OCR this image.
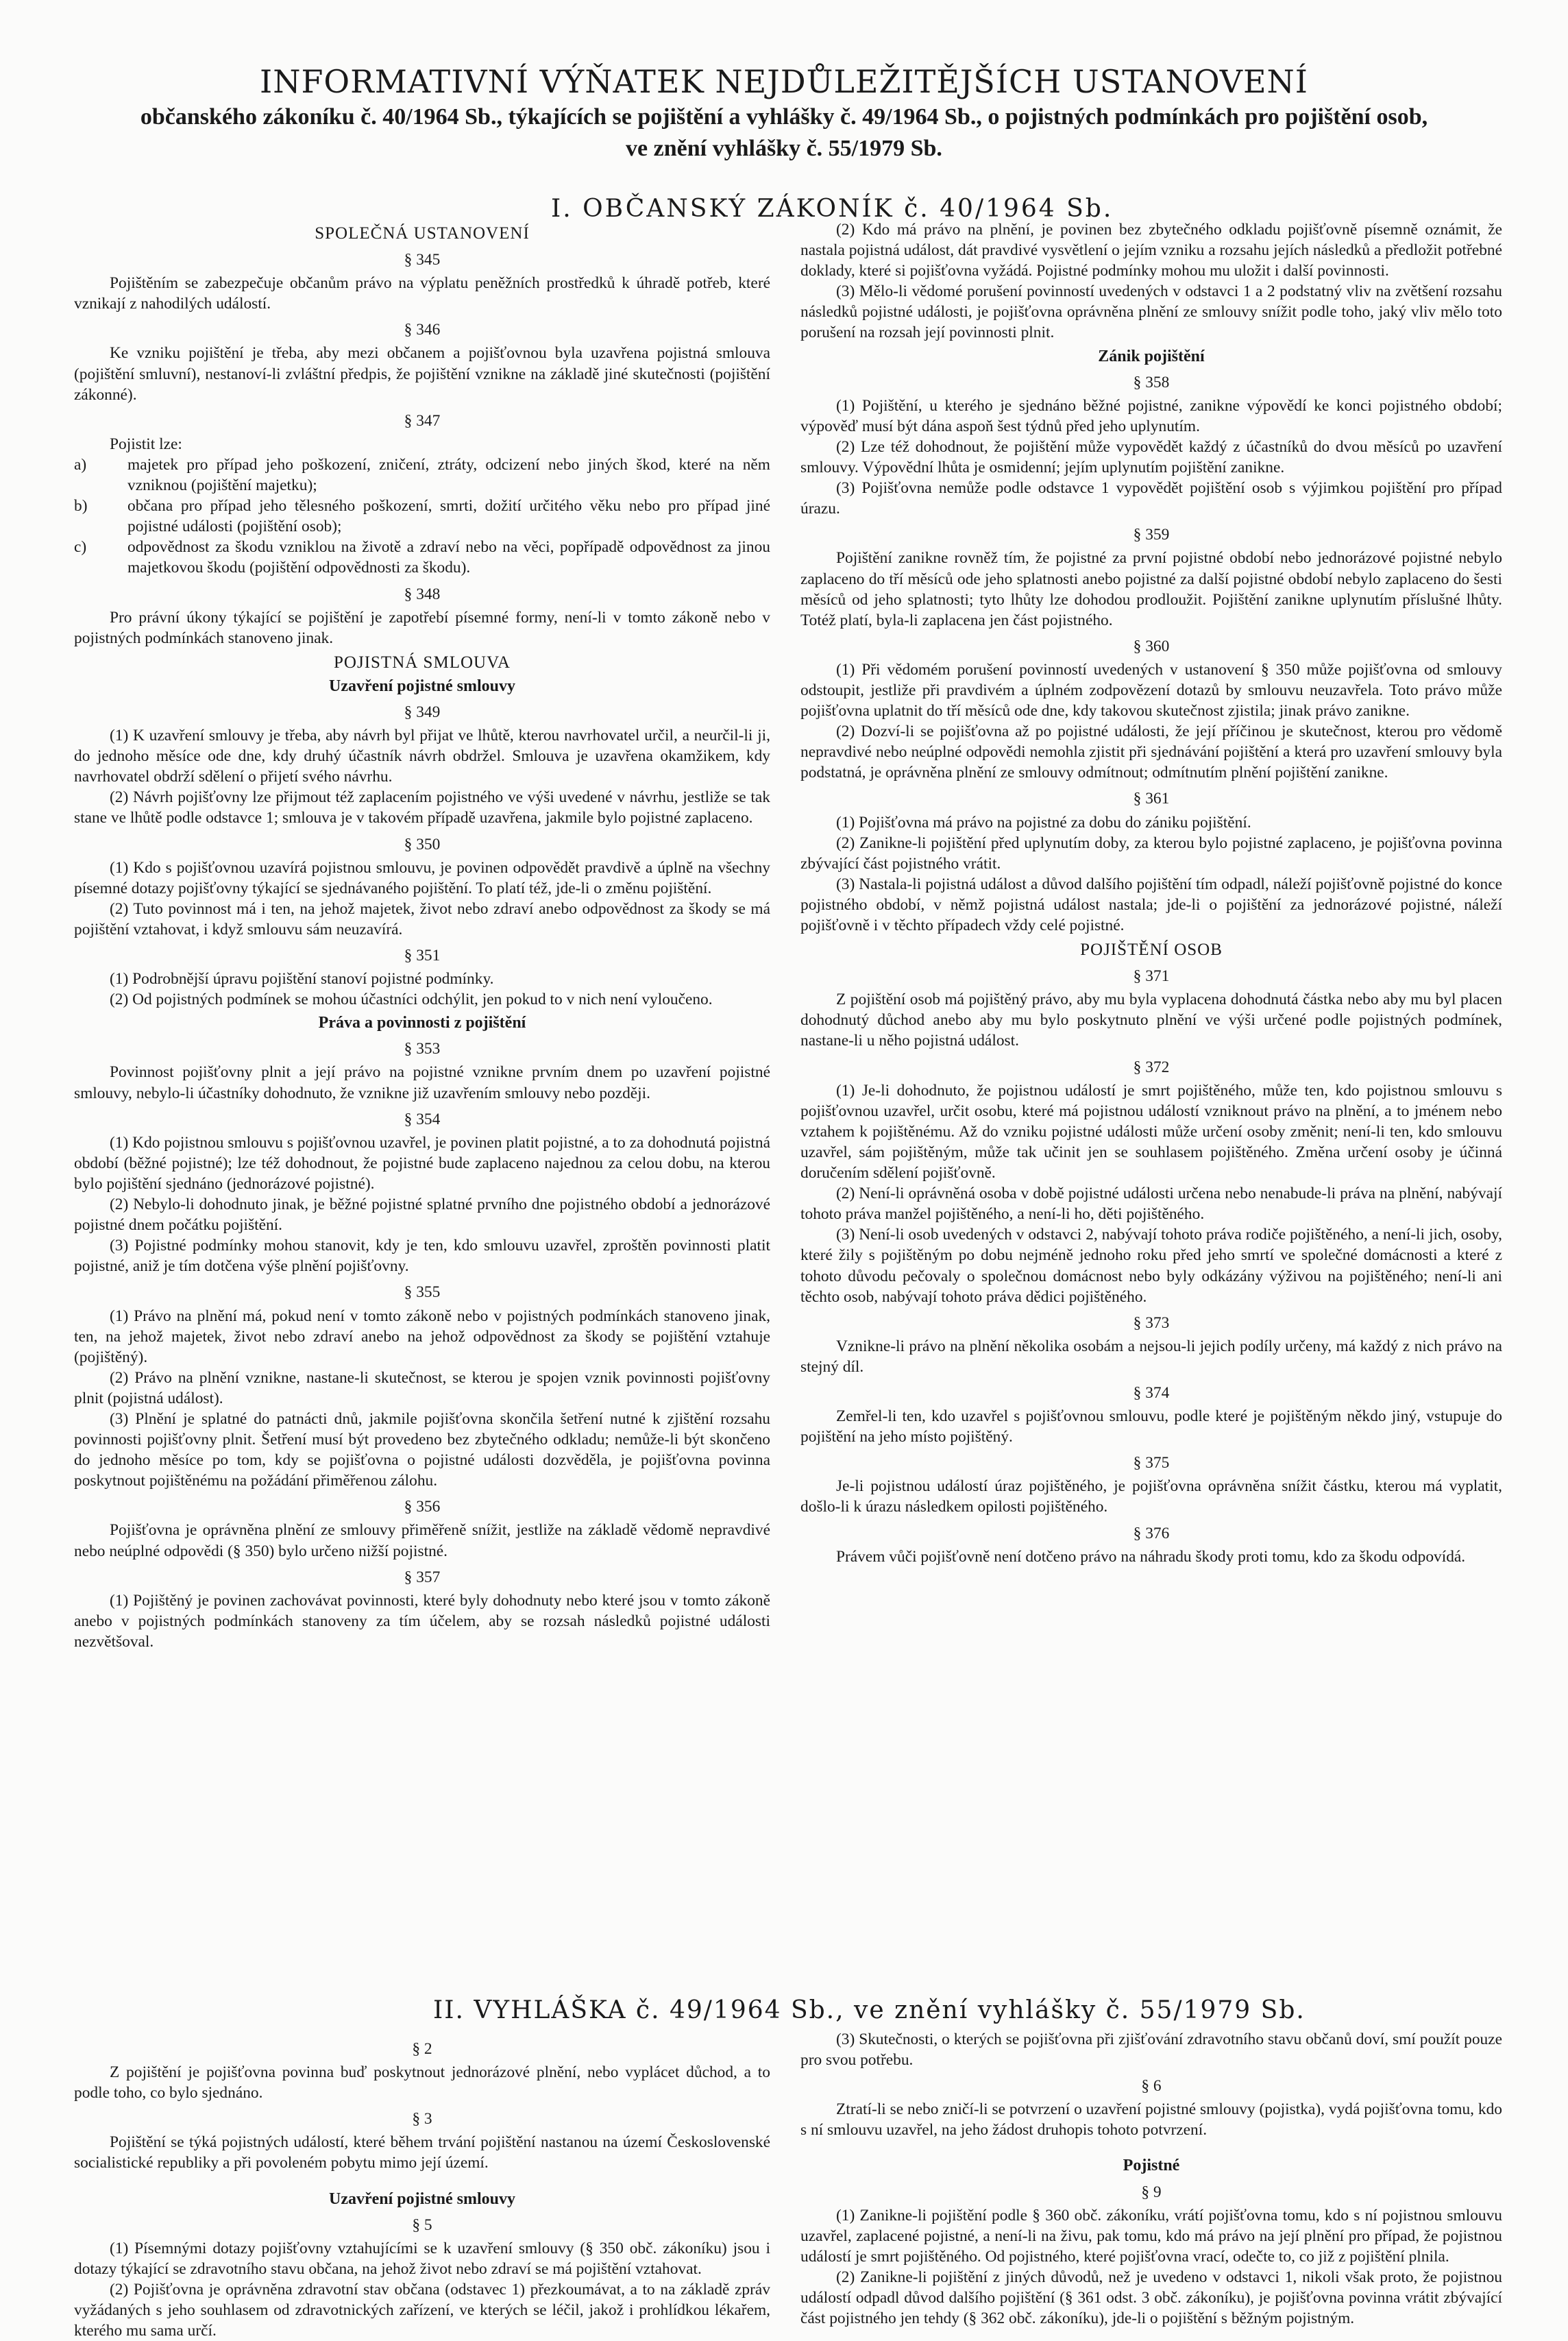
INFORMATIVNÍ VÝŇATEK NEJDŮLEŽITĚJŠÍCH USTANOVENÍ
občanského zákoníku č. 40/1964 Sb., týkajících se pojištění a vyhlášky č. 49/1964 Sb., o pojistných podmínkách pro pojištění osob,
ve znění vyhlášky č. 55/1979 Sb.
I. OBČANSKÝ ZÁKONÍK č. 40/1964 Sb.

SPOLEČNÁ USTANOVENÍ

§ 345

Pojištěním se zabezpečuje občanům právo na výplatu peněžních prostředků k úhradě potřeb, které vznikají z nahodilých událostí.

§ 346

Ke vzniku pojištění je třeba, aby mezi občanem a pojišťovnou byla uzavřena pojistná smlouva (pojištění smluvní), nestanoví-li zvláštní předpis, že pojištění vznikne na základě jiné skutečnosti (pojištění zákonné).

§ 347

Pojistit lze:

a)	majetek pro případ jeho poškození, zničení, ztráty, odcizení nebo jiných škod, které na něm vzniknou (pojištění majetku);

b)	občana pro případ jeho tělesného poškození, smrti, dožití určitého věku nebo pro případ jiné pojistné události (pojištění osob);

c)	odpovědnost za škodu vzniklou na životě a zdraví nebo na věci, popřípadě odpovědnost za jinou majetkovou škodu (pojištění odpovědnosti za škodu).

§ 348

Pro právní úkony týkající se pojištění je zapotřebí písemné formy, není-li v tomto zákoně nebo v pojistných podmínkách stanoveno jinak.

POJISTNÁ SMLOUVA

Uzavření pojistné smlouvy

§ 349

(1) K uzavření smlouvy je třeba, aby návrh byl přijat ve lhůtě, kterou navrhovatel určil, a neurčil-li ji, do jednoho měsíce ode dne, kdy druhý účastník návrh obdržel. Smlouva je uzavřena okamžikem, kdy navrhovatel obdrží sdělení o přijetí svého návrhu.

(2) Návrh pojišťovny lze přijmout též zaplacením pojistného ve výši uvedené v návrhu, jestliže se tak stane ve lhůtě podle odstavce 1; smlouva je v takovém případě uzavřena, jakmile bylo pojistné zaplaceno.

§ 350

(1) Kdo s pojišťovnou uzavírá pojistnou smlouvu, je povinen odpovědět pravdivě a úplně na všechny písemné dotazy pojišťovny týkající se sjednávaného pojištění. To platí též, jde-li o změnu pojištění.

(2) Tuto povinnost má i ten, na jehož majetek, život nebo zdraví anebo odpovědnost za škody se má pojištění vztahovat, i když smlouvu sám neuzavírá.

§ 351

(1) Podrobnější úpravu pojištění stanoví pojistné podmínky.

(2) Od pojistných podmínek se mohou účastníci odchýlit, jen pokud to v nich není vyloučeno.

Práva a povinnosti z pojištění

§ 353

Povinnost pojišťovny plnit a její právo na pojistné vznikne prvním dnem po uzavření pojistné smlouvy, nebylo-li účastníky dohodnuto, že vznikne již uzavřením smlouvy nebo později.

§ 354

(1) Kdo pojistnou smlouvu s pojišťovnou uzavřel, je povinen platit pojistné, a to za dohodnutá pojistná období (běžné pojistné); lze též dohodnout, že pojistné bude zaplaceno najednou za celou dobu, na kterou bylo pojištění sjednáno (jednorázové pojistné).

(2) Nebylo-li dohodnuto jinak, je běžné pojistné splatné prvního dne pojistného období a jednorázové pojistné dnem počátku pojištění.

(3) Pojistné podmínky mohou stanovit, kdy je ten, kdo smlouvu uzavřel, zproštěn povinnosti platit pojistné, aniž je tím dotčena výše plnění pojišťovny.

§ 355

(1) Právo na plnění má, pokud není v tomto zákoně nebo v pojistných podmínkách stanoveno jinak, ten, na jehož majetek, život nebo zdraví anebo na jehož odpovědnost za škody se pojištění vztahuje (pojištěný).

(2) Právo na plnění vznikne, nastane-li skutečnost, se kterou je spojen vznik povinnosti pojišťovny plnit (pojistná událost).

(3) Plnění je splatné do patnácti dnů, jakmile pojišťovna skončila šetření nutné k zjištění rozsahu povinnosti pojišťovny plnit. Šetření musí být provedeno bez zbytečného odkladu; nemůže-li být skončeno do jednoho měsíce po tom, kdy se pojišťovna o pojistné události dozvěděla, je pojišťovna povinna poskytnout pojištěnému na požádání přiměřenou zálohu.

§ 356

Pojišťovna je oprávněna plnění ze smlouvy přiměřeně snížit, jestliže na základě vědomě nepravdivé nebo neúplné odpovědi (§ 350) bylo určeno nižší pojistné.

§ 357

(1) Pojištěný je povinen zachovávat povinnosti, které byly dohodnuty nebo které jsou v tomto zákoně anebo v pojistných podmínkách stanoveny za tím účelem, aby se rozsah následků pojistné události nezvětšoval.

(2) Kdo má právo na plnění, je povinen bez zbytečného odkladu pojišťovně písemně oznámit, že nastala pojistná událost, dát pravdivé vysvětlení o jejím vzniku a rozsahu jejích následků a předložit potřebné doklady, které si pojišťovna vyžádá. Pojistné podmínky mohou mu uložit i další povinnosti.

(3) Mělo-li vědomé porušení povinností uvedených v odstavci 1 a 2 podstatný vliv na zvětšení rozsahu následků pojistné události, je pojišťovna oprávněna plnění ze smlouvy snížit podle toho, jaký vliv mělo toto porušení na rozsah její povinnosti plnit.

Zánik pojištění

§ 358

(1) Pojištění, u kterého je sjednáno běžné pojistné, zanikne výpovědí ke konci pojistného období; výpověď musí být dána aspoň šest týdnů před jeho uplynutím.

(2) Lze též dohodnout, že pojištění může vypovědět každý z účastníků do dvou měsíců po uzavření smlouvy. Výpovědní lhůta je osmidenní; jejím uplynutím pojištění zanikne.

(3) Pojišťovna nemůže podle odstavce 1 vypovědět pojištění osob s výjimkou pojištění pro případ úrazu.

§ 359

Pojištění zanikne rovněž tím, že pojistné za první pojistné období nebo jednorázové pojistné nebylo zaplaceno do tří měsíců ode jeho splatnosti anebo pojistné za další pojistné období nebylo zaplaceno do šesti měsíců od jeho splatnosti; tyto lhůty lze dohodou prodloužit. Pojištění zanikne uplynutím příslušné lhůty. Totéž platí, byla-li zaplacena jen část pojistného.

§ 360

(1) Při vědomém porušení povinností uvedených v ustanovení § 350 může pojišťovna od smlouvy odstoupit, jestliže při pravdivém a úplném zodpovězení dotazů by smlouvu neuzavřela. Toto právo může pojišťovna uplatnit do tří měsíců ode dne, kdy takovou skutečnost zjistila; jinak právo zanikne.

(2) Dozví-li se pojišťovna až po pojistné události, že její příčinou je skutečnost, kterou pro vědomě nepravdivé nebo neúplné odpovědi nemohla zjistit při sjednávání pojištění a která pro uzavření smlouvy byla podstatná, je oprávněna plnění ze smlouvy odmítnout; odmítnutím plnění pojištění zanikne.

§ 361

(1) Pojišťovna má právo na pojistné za dobu do zániku pojištění.

(2) Zanikne-li pojištění před uplynutím doby, za kterou bylo pojistné zaplaceno, je pojišťovna povinna zbývající část pojistného vrátit.

(3) Nastala-li pojistná událost a důvod dalšího pojištění tím odpadl, náleží pojišťovně pojistné do konce pojistného období, v němž pojistná událost nastala; jde-li o pojištění za jednorázové pojistné, náleží pojišťovně i v těchto případech vždy celé pojistné.

POJIŠTĚNÍ OSOB

§ 371

Z pojištění osob má pojištěný právo, aby mu byla vyplacena dohodnutá částka nebo aby mu byl placen dohodnutý důchod anebo aby mu bylo poskytnuto plnění ve výši určené podle pojistných podmínek, nastane-li u něho pojistná událost.

§ 372

(1) Je-li dohodnuto, že pojistnou událostí je smrt pojištěného, může ten, kdo pojistnou smlouvu s pojišťovnou uzavřel, určit osobu, které má pojistnou událostí vzniknout právo na plnění, a to jménem nebo vztahem k pojištěnému. Až do vzniku pojistné události může určení osoby změnit; není-li ten, kdo smlouvu uzavřel, sám pojištěným, může tak učinit jen se souhlasem pojištěného. Změna určení osoby je účinná doručením sdělení pojišťovně.

(2) Není-li oprávněná osoba v době pojistné události určena nebo nenabude-li práva na plnění, nabývají tohoto práva manžel pojištěného, a není-li ho, děti pojištěného.

(3) Není-li osob uvedených v odstavci 2, nabývají tohoto práva rodiče pojištěného, a není-li jich, osoby, které žily s pojištěným po dobu nejméně jednoho roku před jeho smrtí ve společné domácnosti a které z tohoto důvodu pečovaly o společnou domácnost nebo byly odkázány výživou na pojištěného; není-li ani těchto osob, nabývají tohoto práva dědici pojištěného.

§ 373

Vznikne-li právo na plnění několika osobám a nejsou-li jejich podíly určeny, má každý z nich právo na stejný díl.

§ 374

Zemřel-li ten, kdo uzavřel s pojišťovnou smlouvu, podle které je pojištěným někdo jiný, vstupuje do pojištění na jeho místo pojištěný.

§ 375

Je-li pojistnou událostí úraz pojištěného, je pojišťovna oprávněna snížit částku, kterou má vyplatit, došlo-li k úrazu následkem opilosti pojištěného.

§ 376

Právem vůči pojišťovně není dotčeno právo na náhradu škody proti tomu, kdo za škodu odpovídá.

II. VYHLÁŠKA č. 49/1964 Sb., ve znění vyhlášky č. 55/1979 Sb.

§ 2

Z pojištění je pojišťovna povinna buď poskytnout jednorázové plnění, nebo vyplácet důchod, a to podle toho, co bylo sjednáno.

§ 3

Pojištění se týká pojistných událostí, které během trvání pojištění nastanou na území Československé socialistické republiky a při povoleném pobytu mimo její území.

Uzavření pojistné smlouvy

§ 5

(1) Písemnými dotazy pojišťovny vztahujícími se k uzavření smlouvy (§ 350 obč. zákoníku) jsou i dotazy týkající se zdravotního stavu občana, na jehož život nebo zdraví se má pojištění vztahovat.

(2) Pojišťovna je oprávněna zdravotní stav občana (odstavec 1) přezkoumávat, a to na základě zpráv vyžádaných s jeho souhlasem od zdravotnických zařízení, ve kterých se léčil, jakož i prohlídkou lékařem, kterého mu sama určí.

(3) Skutečnosti, o kterých se pojišťovna při zjišťování zdravotního stavu občanů doví, smí použít pouze pro svou potřebu.

§ 6

Ztratí-li se nebo zničí-li se potvrzení o uzavření pojistné smlouvy (pojistka), vydá pojišťovna tomu, kdo s ní smlouvu uzavřel, na jeho žádost druhopis tohoto potvrzení.

Pojistné

§ 9

(1) Zanikne-li pojištění podle § 360 obč. zákoníku, vrátí pojišťovna tomu, kdo s ní pojistnou smlouvu uzavřel, zaplacené pojistné, a není-li na živu, pak tomu, kdo má právo na její plnění pro případ, že pojistnou událostí je smrt pojištěného. Od pojistného, které pojišťovna vrací, odečte to, co již z pojištění plnila.

(2) Zanikne-li pojištění z jiných důvodů, než je uvedeno v odstavci 1, nikoli však proto, že pojistnou událostí odpadl důvod dalšího pojištění (§ 361 odst. 3 obč. zákoníku), je pojišťovna povinna vrátit zbývající část pojistného jen tehdy (§ 362 obč. zákoníku), jde-li o pojištění s běžným pojistným.
